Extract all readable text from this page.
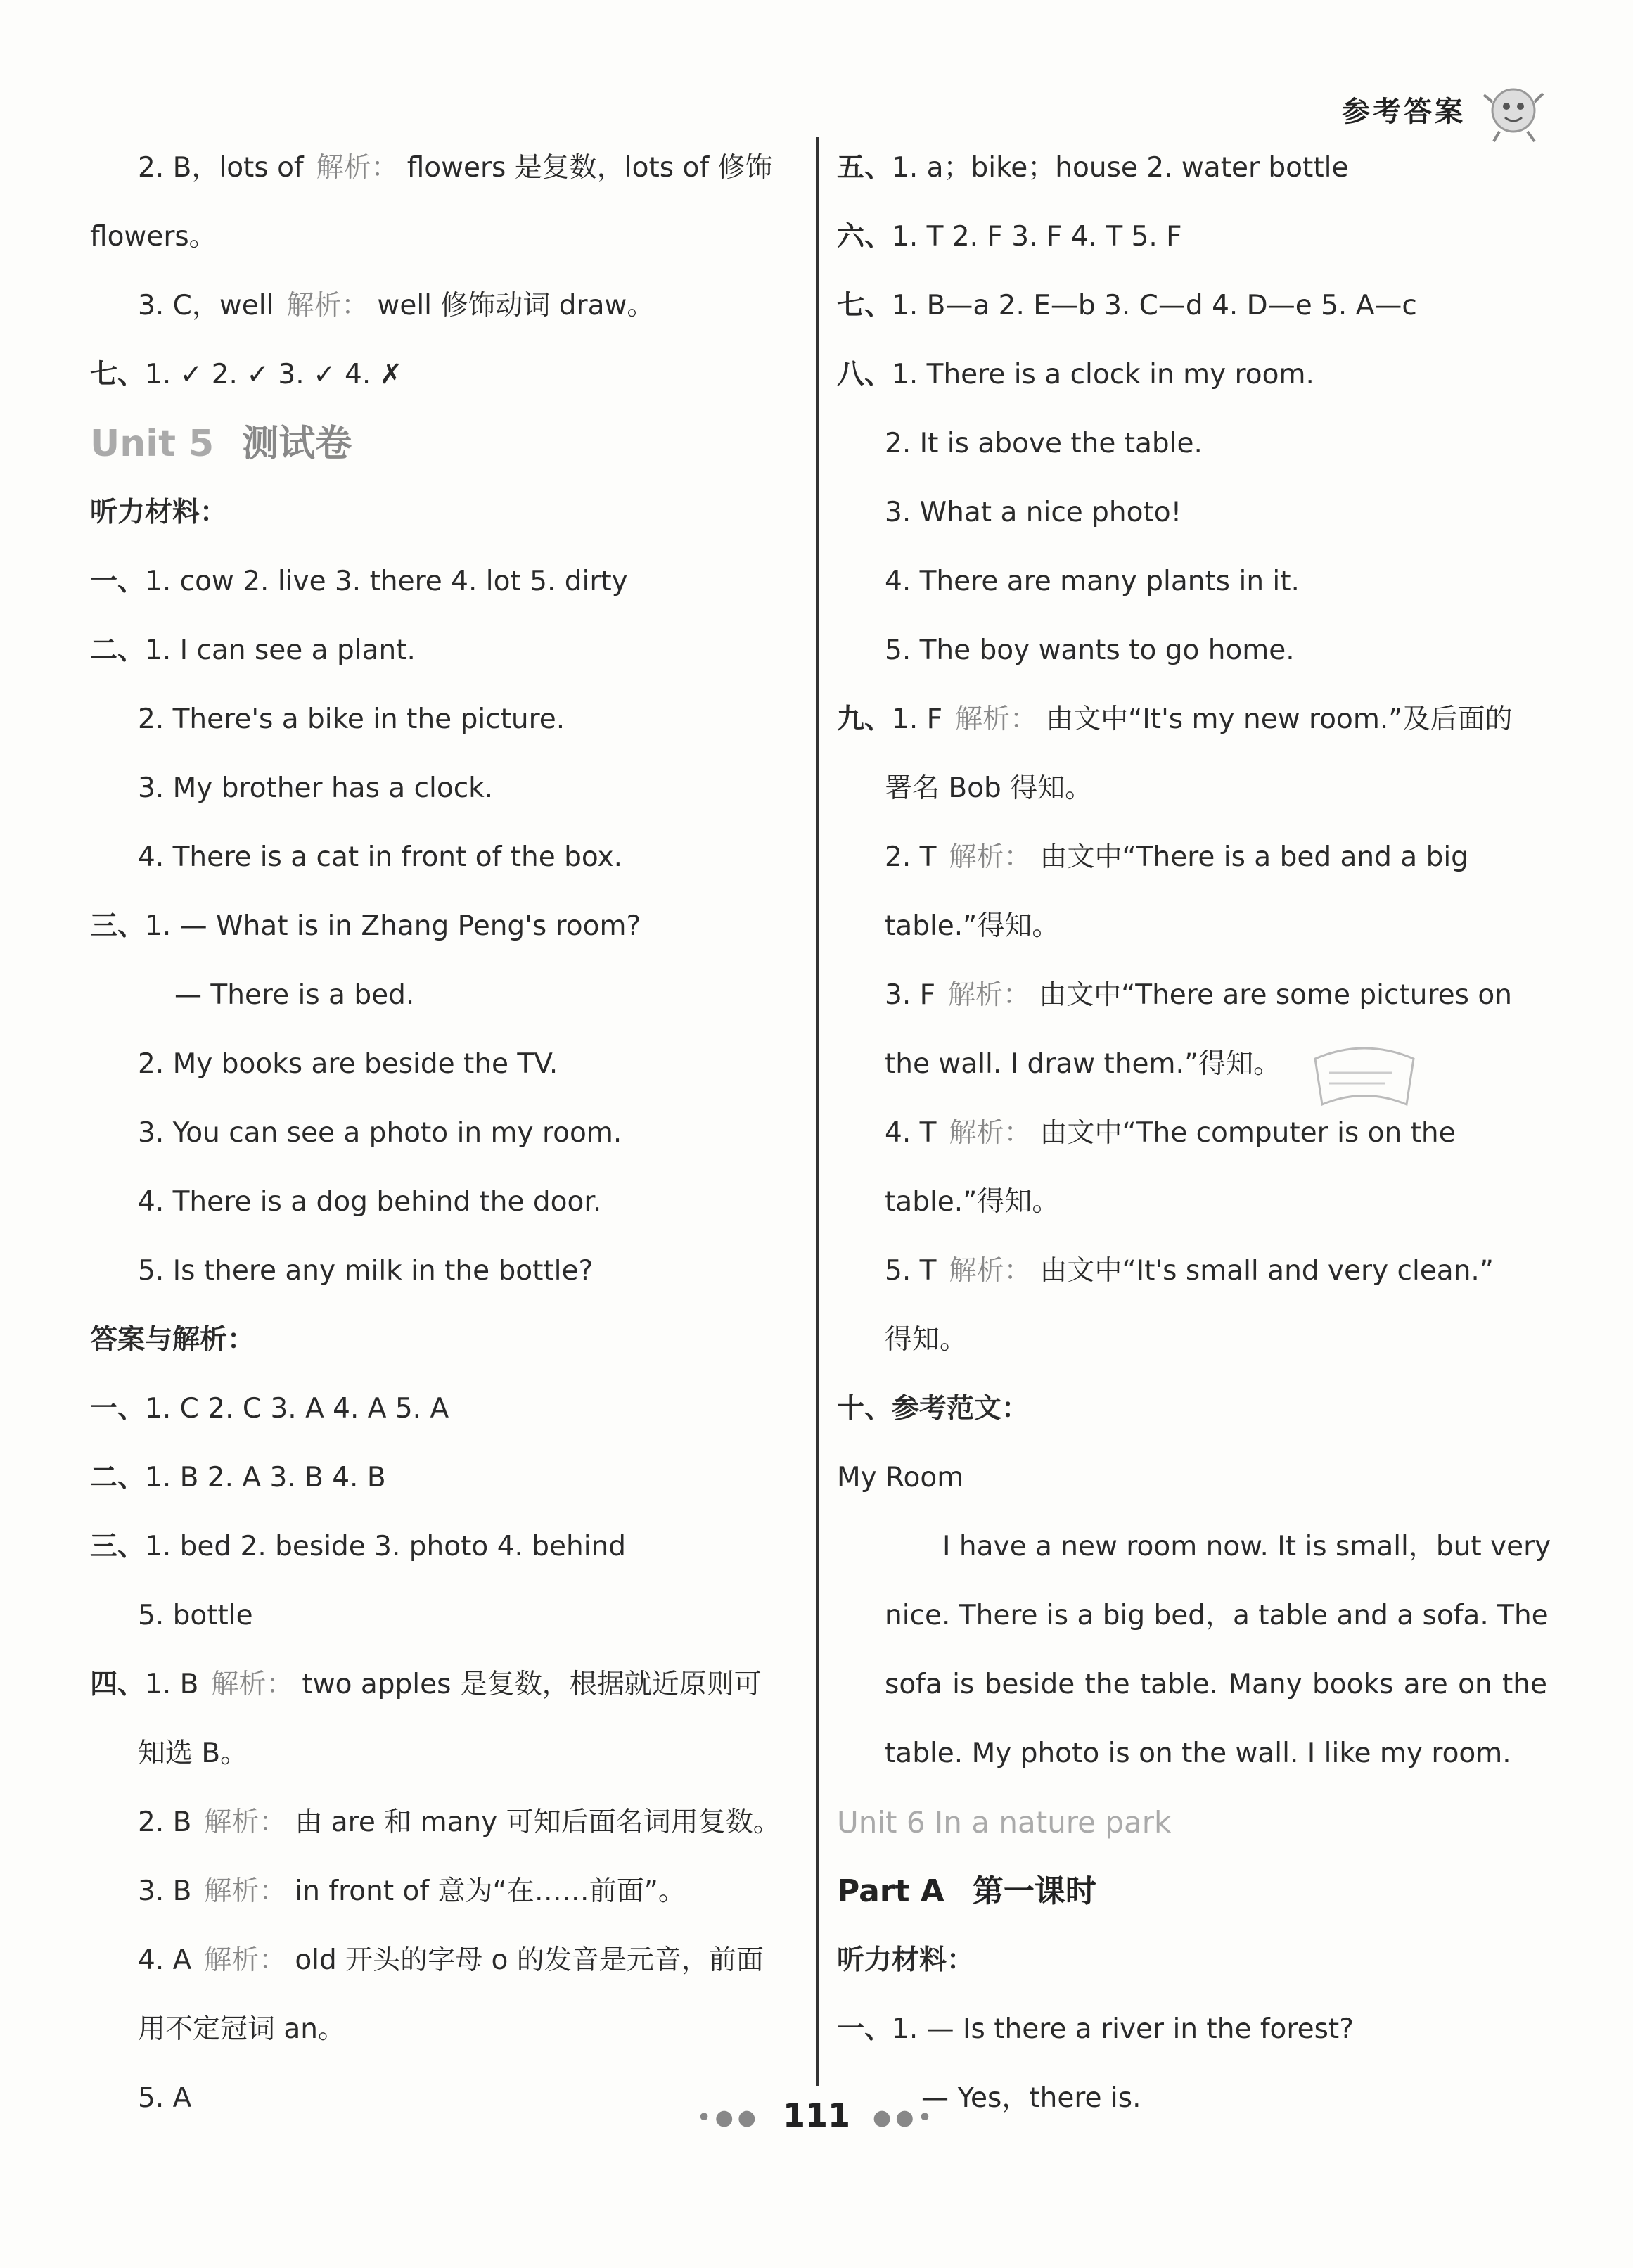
参考答案
2. B，lots of 解析： flowers 是复数，lots of 修饰
flowers。
3. C，well 解析： well 修饰动词 draw。
七、1. ✓ 2. ✓ 3. ✓ 4. ✗
Unit 5 测试卷
听力材料：
一、1. cow 2. live 3. there 4. lot 5. dirty
二、1. I can see a plant.
2. There's a bike in the picture.
3. My brother has a clock.
4. There is a cat in front of the box.
三、1. — What is in Zhang Peng's room?
— There is a bed.
2. My books are beside the TV.
3. You can see a photo in my room.
4. There is a dog behind the door.
5. Is there any milk in the bottle?
答案与解析：
一、1. C 2. C 3. A 4. A 5. A
二、1. B 2. A 3. B 4. B
三、1. bed 2. beside 3. photo 4. behind
5. bottle
四、1. B 解析： two apples 是复数，根据就近原则可
知选 B。
2. B 解析： 由 are 和 many 可知后面名词用复数。
3. B 解析： in front of 意为“在……前面”。
4. A 解析： old 开头的字母 o 的发音是元音，前面
用不定冠词 an。
5. A
五、1. a；bike；house 2. water bottle
六、1. T 2. F 3. F 4. T 5. F
七、1. B—a 2. E—b 3. C—d 4. D—e 5. A—c
八、1. There is a clock in my room.
2. It is above the table.
3. What a nice photo!
4. There are many plants in it.
5. The boy wants to go home.
九、1. F 解析： 由文中“It's my new room.”及后面的
署名 Bob 得知。
2. T 解析： 由文中“There is a bed and a big
table.”得知。
3. F 解析： 由文中“There are some pictures on
the wall. I draw them.”得知。
4. T 解析： 由文中“The computer is on the
table.”得知。
5. T 解析： 由文中“It's small and very clean.”
得知。
十、参考范文：
My Room
I have a new room now. It is small，but very
nice. There is a big bed，a table and a sofa. The
sofa is beside the table. Many books are on the
table. My photo is on the wall. I like my room.
Unit 6 In a nature park
Part A 第一课时
听力材料：
一、1. — Is there a river in the forest?
— Yes，there is.
•●● 111 ●●•
